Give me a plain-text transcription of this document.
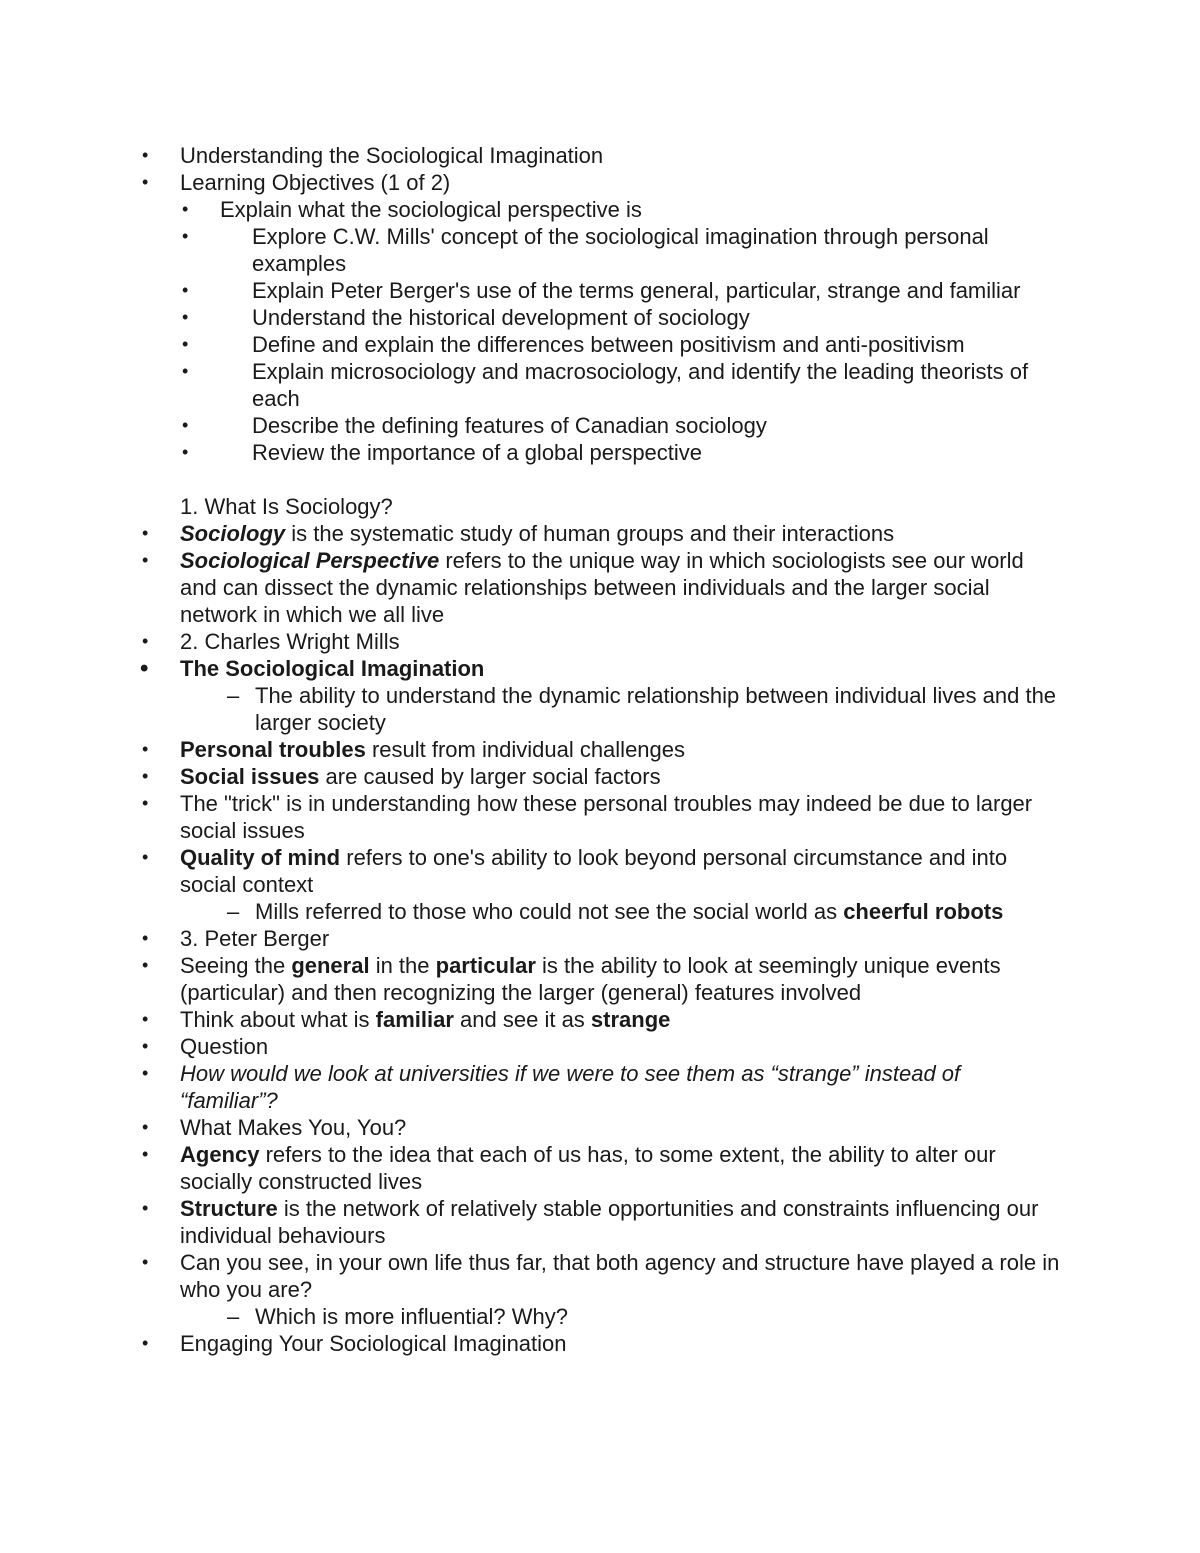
• Understanding the Sociological Imagination
• Learning Objectives (1 of 2)
• Explain what the sociological perspective is
•	Explore C.W. Mills' concept of the sociological imagination through personal examples
•	Explain Peter Berger's use of the terms general, particular, strange and familiar
•	Understand the historical development of sociology
•	Define and explain the differences between positivism and anti-positivism
•	Explain microsociology and macrosociology, and identify the leading theorists of each
•	Describe the defining features of Canadian sociology
•	Review the importance of a global perspective
1. What Is Sociology?
• Sociology is the systematic study of human groups and their interactions
• Sociological Perspective refers to the unique way in which sociologists see our world and can dissect the dynamic relationships between individuals and the larger social network in which we all live
• 2. Charles Wright Mills
• The Sociological Imagination
– The ability to understand the dynamic relationship between individual lives and the larger society
• Personal troubles result from individual challenges
• Social issues are caused by larger social factors
• The "trick" is in understanding how these personal troubles may indeed be due to larger social issues
• Quality of mind refers to one's ability to look beyond personal circumstance and into social context
– Mills referred to those who could not see the social world as cheerful robots
• 3. Peter Berger
• Seeing the general in the particular is the ability to look at seemingly unique events (particular) and then recognizing the larger (general) features involved
• Think about what is familiar and see it as strange
• Question
• How would we look at universities if we were to see them as “strange” instead of “familiar”?
• What Makes You, You?
• Agency refers to the idea that each of us has, to some extent, the ability to alter our socially constructed lives
• Structure is the network of relatively stable opportunities and constraints influencing our individual behaviours
• Can you see, in your own life thus far, that both agency and structure have played a role in who you are?
– Which is more influential? Why?
• Engaging Your Sociological Imagination
